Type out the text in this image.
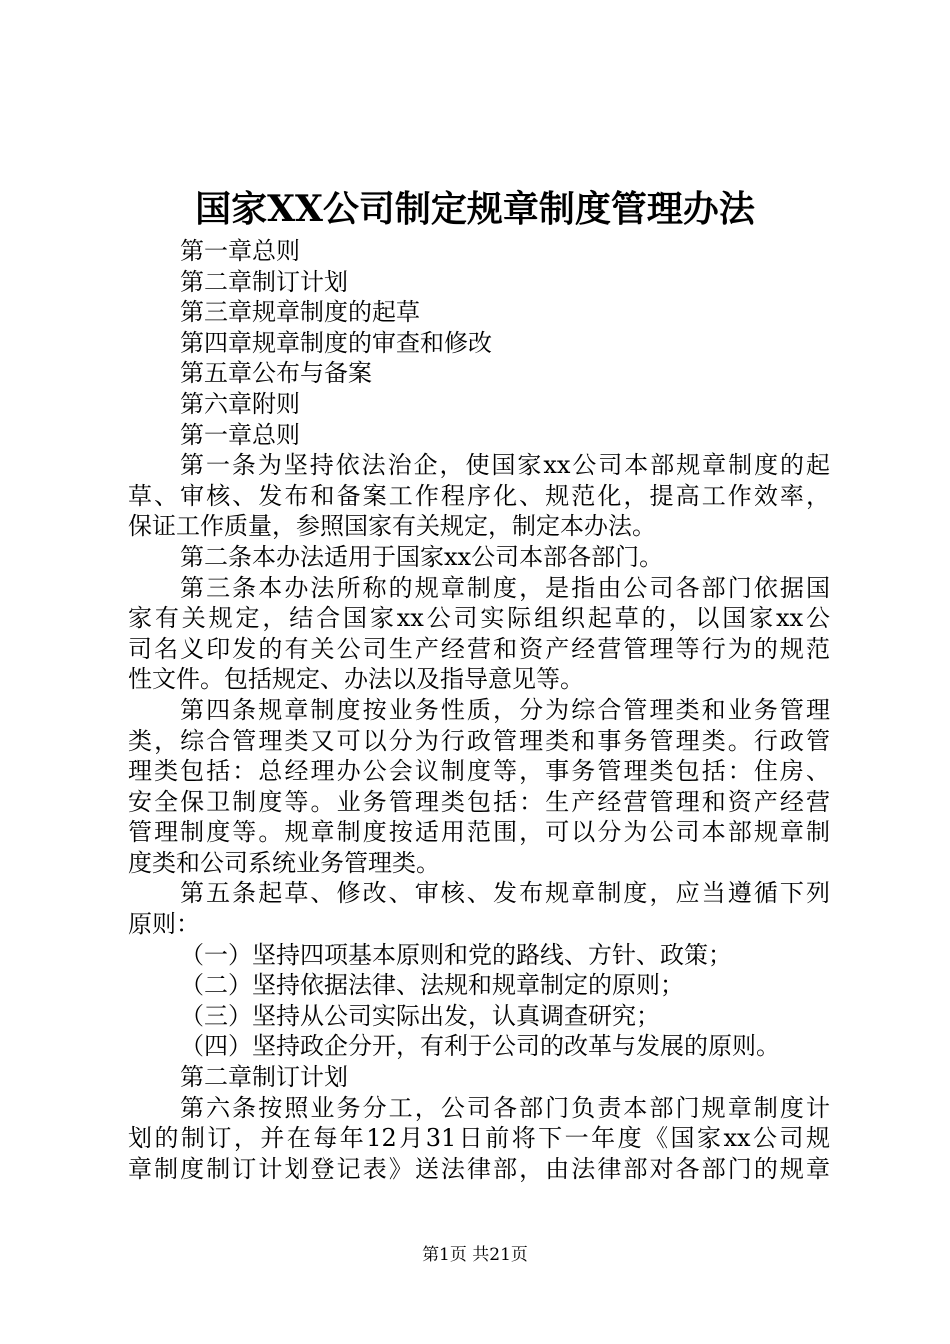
国家XX公司制定规章制度管理办法
第一章总则
第二章制订计划
第三章规章制度的起草
第四章规章制度的审查和修改
第五章公布与备案
第六章附则
第一章总则
第一条为坚持依法治企，使国家xx公司本部规章制度的起
草、审核、发布和备案工作程序化、规范化，提高工作效率，
保证工作质量，参照国家有关规定，制定本办法。
第二条本办法适用于国家xx公司本部各部门。
第三条本办法所称的规章制度，是指由公司各部门依据国
家有关规定，结合国家xx公司实际组织起草的，以国家xx公
司名义印发的有关公司生产经营和资产经营管理等行为的规范
性文件。包括规定、办法以及指导意见等。
第四条规章制度按业务性质，分为综合管理类和业务管理
类，综合管理类又可以分为行政管理类和事务管理类。行政管
理类包括：总经理办公会议制度等，事务管理类包括：住房、
安全保卫制度等。业务管理类包括：生产经营管理和资产经营
管理制度等。规章制度按适用范围，可以分为公司本部规章制
度类和公司系统业务管理类。
第五条起草、修改、审核、发布规章制度，应当遵循下列
原则：
（一）坚持四项基本原则和党的路线、方针、政策；
（二）坚持依据法律、法规和规章制定的原则；
（三）坚持从公司实际出发，认真调查研究；
（四）坚持政企分开，有利于公司的改革与发展的原则。
第二章制订计划
第六条按照业务分工，公司各部门负责本部门规章制度计
划的制订，并在每年12月31日前将下一年度《国家xx公司规
章制度制订计划登记表》送法律部，由法律部对各部门的规章
第1页 共21页
